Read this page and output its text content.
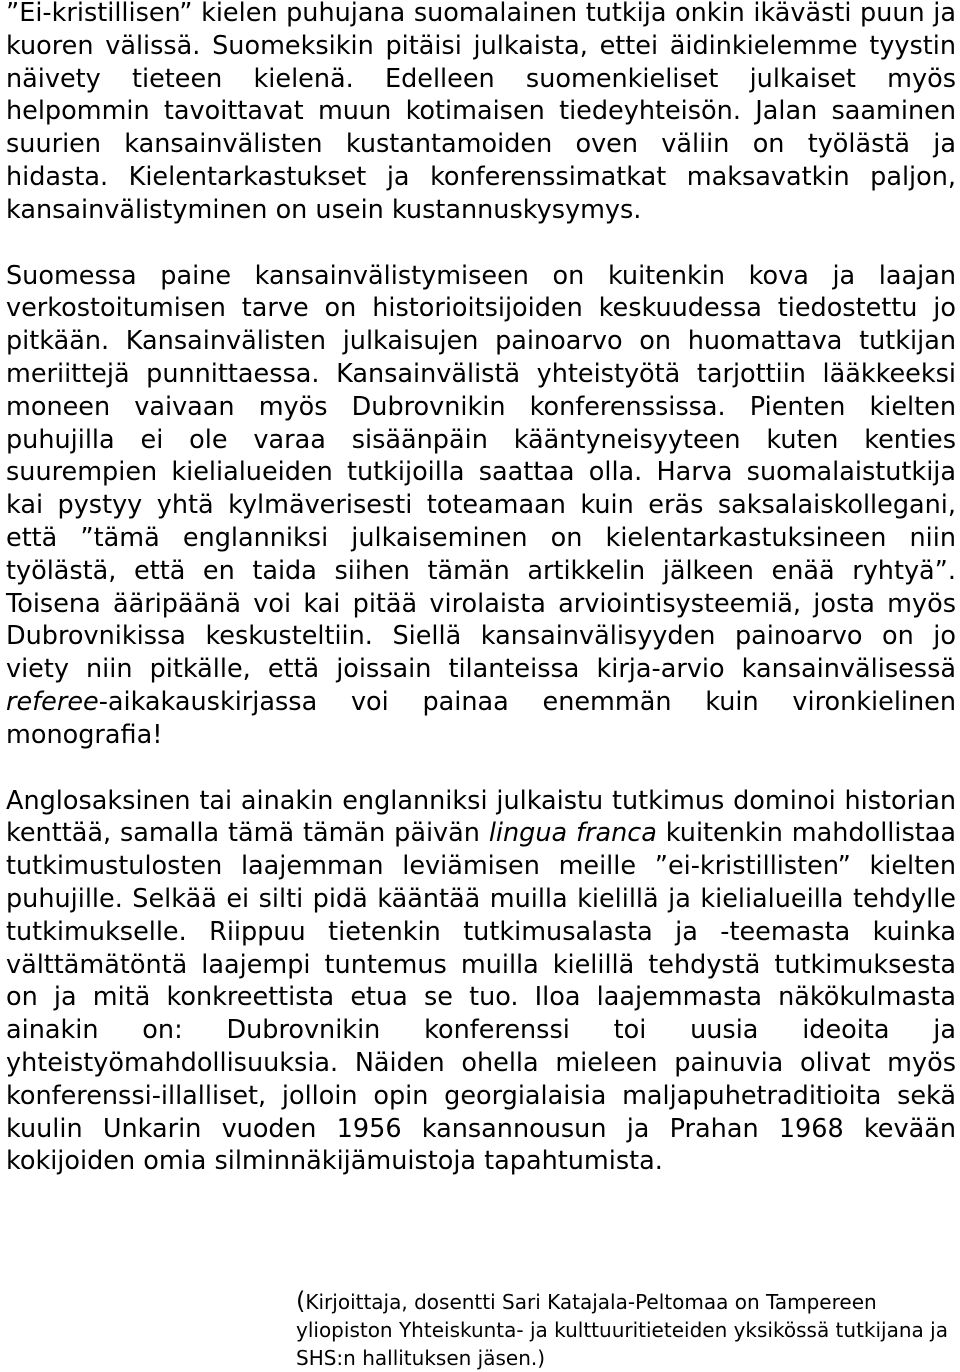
”Ei-kristillisen” kielen puhujana suomalainen tutkija onkin ikävästi puun ja kuoren välissä. Suomeksikin pitäisi julkaista, ettei äidinkielemme tyystin näivety tieteen kielenä. Edelleen suomenkieliset julkaiset myös helpommin tavoittavat muun kotimaisen tiedeyhteisön. Jalan saaminen suurien kansainvälisten kustantamoiden oven väliin on työlästä ja hidasta. Kielentarkastukset ja konferenssimatkat maksavatkin paljon, kansainvälistyminen on usein kustannuskysymys.

Suomessa paine kansainvälistymiseen on kuitenkin kova ja laajan verkostoitumisen tarve on historioitsijoiden keskuudessa tiedostettu jo pitkään. Kansainvälisten julkaisujen painoarvo on huomattava tutkijan meriittejä punnittaessa. Kansainvälistä yhteistyötä tarjottiin lääkkeeksi moneen vaivaan myös Dubrovnikin konferenssissa. Pienten kielten puhujilla ei ole varaa sisäänpäin kääntyneisyyteen kuten kenties suurempien kielialueiden tutkijoilla saattaa olla. Harva suomalaistutkija kai pystyy yhtä kylmäverisesti toteamaan kuin eräs saksalaiskollegani, että ”tämä englanniksi julkaiseminen on kielentarkastuksineen niin työlästä, että en taida siihen tämän artikkelin jälkeen enää ryhtyä”. Toisena ääripäänä voi kai pitää virolaista arviointisysteemiä, josta myös Dubrovnikissa keskusteltiin. Siellä kansainvälisyyden painoarvo on jo viety niin pitkälle, että joissain tilanteissa kirja-arvio kansainvälisessä referee-aikakauskirjassa voi painaa enemmän kuin vironkielinen monografia!

Anglosaksinen tai ainakin englanniksi julkaistu tutkimus dominoi historian kenttää, samalla tämä tämän päivän lingua franca kuitenkin mahdollistaa tutkimustulosten laajemman leviämisen meille ”ei-kristillisten” kielten puhujille. Selkää ei silti pidä kääntää muilla kielillä ja kielialueilla tehdylle tutkimukselle. Riippuu tietenkin tutkimusalasta ja -teemasta kuinka välttämätöntä laajempi tuntemus muilla kielillä tehdystä tutkimuksesta on ja mitä konkreettista etua se tuo. Iloa laajemmasta näkökulmasta ainakin on: Dubrovnikin konferenssi toi uusia ideoita ja yhteistyömahdollisuuksia. Näiden ohella mieleen painuvia olivat myös konferenssi-illalliset, jolloin opin georgialaisia maljapuhetraditioita sekä kuulin Unkarin vuoden 1956 kansannousun ja Prahan 1968 kevään kokijoiden omia silminnäkijämuistoja tapahtumista.

(Kirjoittaja, dosentti Sari Katajala-Peltomaa on Tampereen yliopiston Yhteiskunta- ja kulttuuritieteiden yksikössä tutkijana ja SHS:n hallituksen jäsen.)
